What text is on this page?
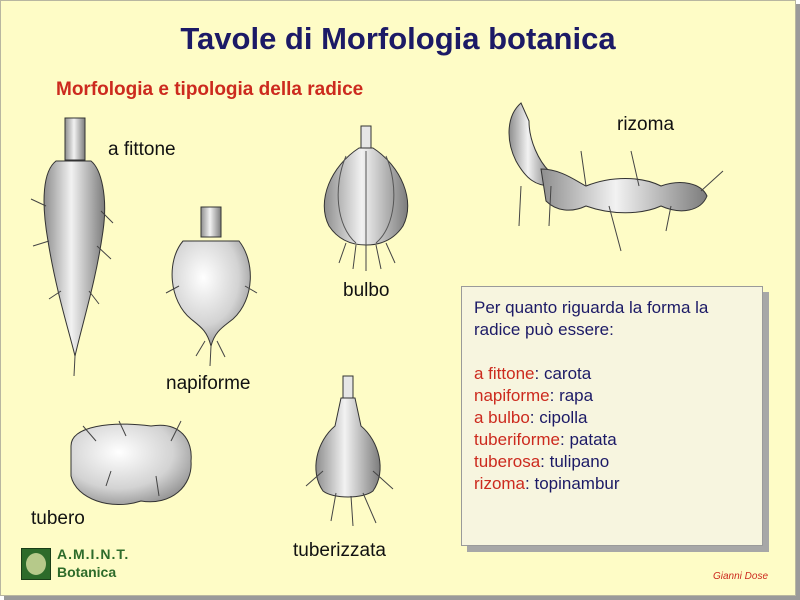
Tavole di Morfologia botanica
Morfologia e tipologia della radice
a fittone
napiforme
bulbo
rizoma
tubero
tuberizzata
Per quanto riguarda la forma la radice può essere:
a fittone: carota
napiforme: rapa
a bulbo: cipolla
tuberiforme: patata
tuberosa: tulipano
rizoma: topinambur
A.M.I.N.T.
Botanica	Gianni Dose
